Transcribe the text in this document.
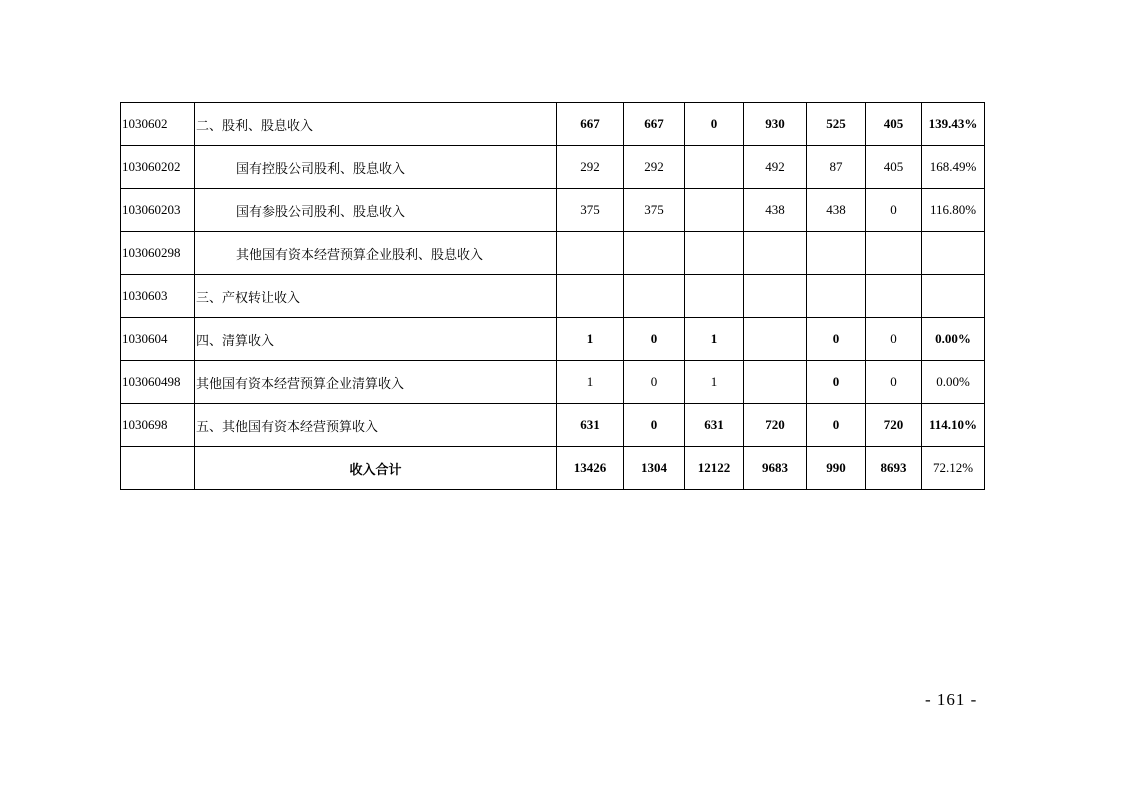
1030602	二、股利、股息收入	667	667	0	930	525	405	139.43%
103060202	国有控股公司股利、股息收入	292	292		492	87	405	168.49%
103060203	国有参股公司股利、股息收入	375	375		438	438	0	116.80%
103060298	其他国有资本经营预算企业股利、股息收入							
1030603	三、产权转让收入							
1030604	四、清算收入	1	0	1		0	0	0.00%
103060498	其他国有资本经营预算企业清算收入	1	0	1		0	0	0.00%
1030698	五、其他国有资本经营预算收入	631	0	631	720	0	720	114.10%
	收入合计	13426	1304	12122	9683	990	8693	72.12%
- 161 -
